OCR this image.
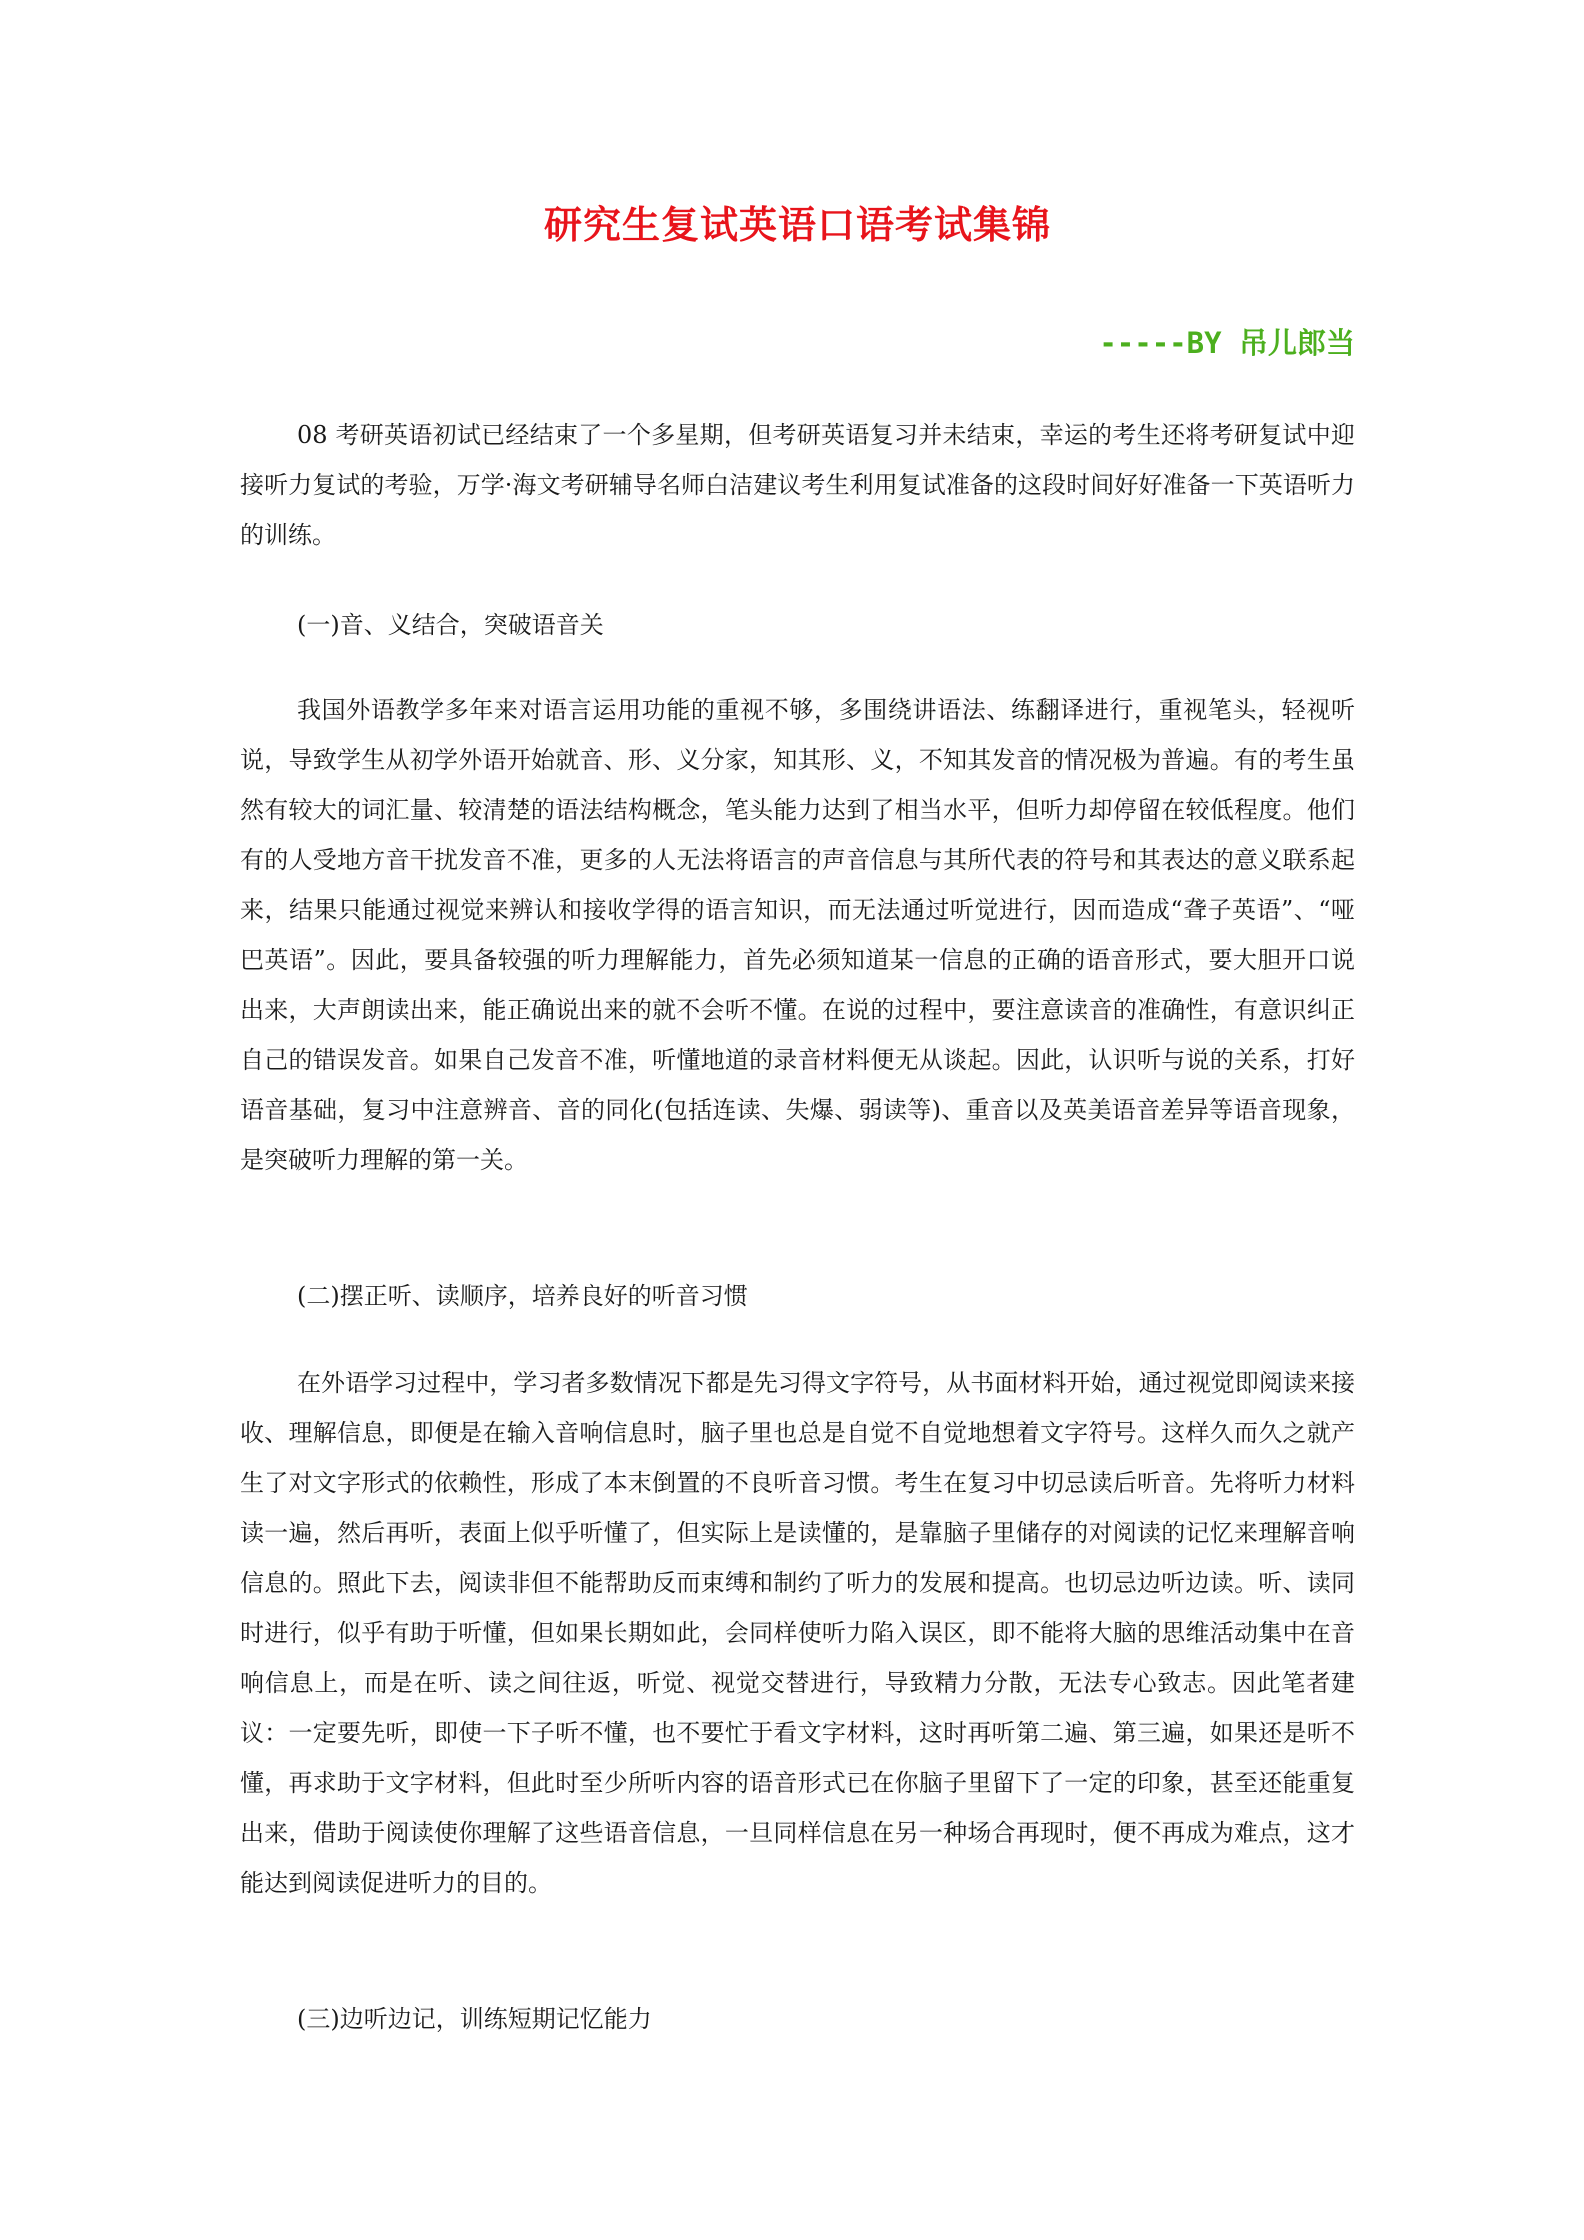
研究生复试英语口语考试集锦
-----BY 吊儿郎当

08 考研英语初试已经结束了一个多星期，但考研英语复习并未结束，幸运的考生还将考研复试中迎接听力复试的考验，万学·海文考研辅导名师白洁建议考生利用复试准备的这段时间好好准备一下英语听力的训练。

(一)音、义结合，突破语音关

我国外语教学多年来对语言运用功能的重视不够，多围绕讲语法、练翻译进行，重视笔头，轻视听说，导致学生从初学外语开始就音、形、义分家，知其形、义，不知其发音的情况极为普遍。有的考生虽然有较大的词汇量、较清楚的语法结构概念，笔头能力达到了相当水平，但听力却停留在较低程度。他们有的人受地方音干扰发音不准，更多的人无法将语言的声音信息与其所代表的符号和其表达的意义联系起来，结果只能通过视觉来辨认和接收学得的语言知识，而无法通过听觉进行，因而造成“聋子英语”、“哑巴英语”。因此，要具备较强的听力理解能力，首先必须知道某一信息的正确的语音形式，要大胆开口说出来，大声朗读出来，能正确说出来的就不会听不懂。在说的过程中，要注意读音的准确性，有意识纠正自己的错误发音。如果自己发音不准，听懂地道的录音材料便无从谈起。因此，认识听与说的关系，打好语音基础，复习中注意辨音、音的同化(包括连读、失爆、弱读等)、重音以及英美语音差异等语音现象，是突破听力理解的第一关。

(二)摆正听、读顺序，培养良好的听音习惯

在外语学习过程中，学习者多数情况下都是先习得文字符号，从书面材料开始，通过视觉即阅读来接收、理解信息，即便是在输入音响信息时，脑子里也总是自觉不自觉地想着文字符号。这样久而久之就产生了对文字形式的依赖性，形成了本末倒置的不良听音习惯。考生在复习中切忌读后听音。先将听力材料读一遍，然后再听，表面上似乎听懂了，但实际上是读懂的，是靠脑子里储存的对阅读的记忆来理解音响信息的。照此下去，阅读非但不能帮助反而束缚和制约了听力的发展和提高。也切忌边听边读。听、读同时进行，似乎有助于听懂，但如果长期如此，会同样使听力陷入误区，即不能将大脑的思维活动集中在音响信息上，而是在听、读之间往返，听觉、视觉交替进行，导致精力分散，无法专心致志。因此笔者建议：一定要先听，即使一下子听不懂，也不要忙于看文字材料，这时再听第二遍、第三遍，如果还是听不懂，再求助于文字材料，但此时至少所听内容的语音形式已在你脑子里留下了一定的印象，甚至还能重复出来，借助于阅读使你理解了这些语音信息，一旦同样信息在另一种场合再现时，便不再成为难点，这才能达到阅读促进听力的目的。

(三)边听边记，训练短期记忆能力
